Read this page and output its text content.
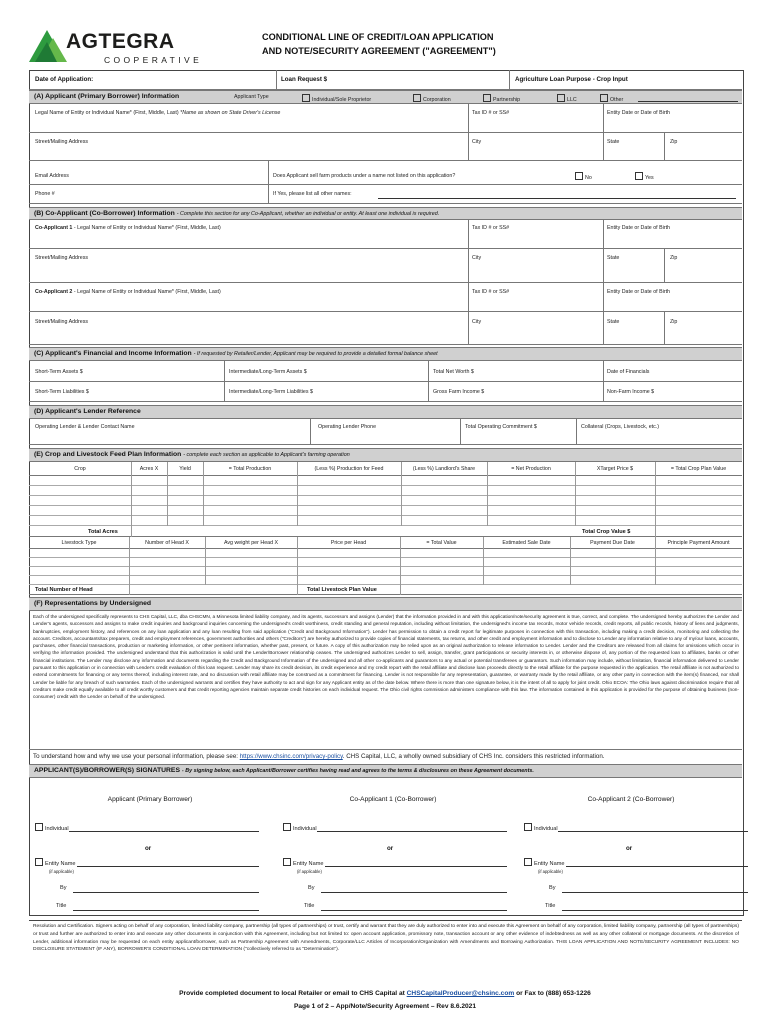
AGTEGRA
COOPERATIVE
CONDITIONAL LINE OF CREDIT/LOAN APPLICATION
AND NOTE/SECURITY AGREEMENT ("AGREEMENT")
Date of Application:	Loan Request $	Agriculture Loan Purpose - Crop Input
(A) Applicant (Primary Borrower) Information	Applicant Type	Individual/Sole Proprietor	Corporation	Partnership	LLC	Other
Legal Name of Entity or Individual Name* (First, Middle, Last) *Name as shown on State Driver's License	Tax ID # or SS#	Entity Date or Date of Birth
Street/Mailing Address	City	State	Zip
Email Address	Does Applicant sell farm products under a name not listed on this application?	No	Yes
Phone #	If Yes, please list all other names:
(B) Co-Applicant (Co-Borrower) Information - Complete this section for any Co-Applicant, whether an individual or entity. At least one individual is required.
Co-Applicant 1 - Legal Name of Entity or Individual Name* (First, Middle, Last)	Tax ID # or SS#	Entity Date or Date of Birth
Street/Mailing Address	City	State	Zip
Co-Applicant 2 - Legal Name of Entity or Individual Name* (First, Middle, Last)	Tax ID # or SS#	Entity Date or Date of Birth
Street/Mailing Address	City	State	Zip
(C) Applicant's Financial and Income Information - If requested by Retailer/Lender, Applicant may be required to provide a detailed formal balance sheet
Short-Term Assets $	Intermediate/Long-Term Assets $	Total Net Worth $	Date of Financials
Short-Term Liabilities $	Intermediate/Long-Term Liabilities $	Gross Farm Income $	Non-Farm Income $
(D) Applicant's Lender Reference
Operating Lender & Lender Contact Name	Operating Lender Phone	Total Operating Commitment $	Collateral (Crops, Livestock, etc.)
(E) Crop and Livestock Feed Plan Information - complete each section as applicable to Applicant's farming operation
Crop	Acres X	Yield	= Total Production	(Less %) Production for Feed	(Less %) Landlord's Share	= Net Production	XTarget Price $	= Total Crop Plan Value
Total Acres	Total Crop Value $
Livestock Type	Number of Head X	Avg weight per Head X	Price per Head	= Total Value	Estimated Sale Date	Payment Due Date	Principle Payment Amount
Total Number of Head	Total Livestock Plan Value
(F) Representations by Undersigned
Each of the undersigned specifically represents to CHS Capital, LLC, dba CHSCMN, a Minnesota limited liability company, and its agents, successors and assigns (Lender) that the information provided in and with this application/note/security agreement is true, correct, and complete. The undersigned hereby authorizes the Lender and Lender's agents, successors and assigns to make credit inquiries and background inquiries concerning the undersigned's credit worthiness, credit standing and general reputation, including without limitation, the undersigned's income tax records, motor vehicle records, credit reports, all public records, history of liens and judgments, bankruptcies, employment history, and references on any loan application and any loan resulting from said application ("Credit and Background Information"). Lender has permission to obtain a credit report for legitimate purposes in connection with this transaction, including making a credit decision, monitoring and collecting the account. Creditors, accountants/tax preparers, credit and employment references, government authorities and others ("Creditors") are hereby authorized to provide copies of financial statements, tax returns, and other credit and employment information and to disclose to Lender any information relative to any of my/our loans, accounts, purchases, other financial transactions, production or marketing information, or other pertinent information, whether past, present, or future. A copy of this authorization may be relied upon as an original authorization to release information to Lender. Lender and the Creditors are released from all claims for omissions which occur in verifying the information provided. The undersigned understand that this authorization is valid until the Lender/Borrower relationship ceases. The undersigned authorizes Lender to sell, assign, transfer, grant participations or security interests in, or otherwise dispose of, any portion of the requested loan to affiliates, banks or other financial institutions. The Lender may disclose any information and documents regarding the Credit and Background Information of the undersigned and all other co-applicants and guarantors to any actual or potential transferees or guarantors. Such information may include, without limitation, financial information delivered to Lender pursuant to this application or in connection with Lender's credit evaluation of this loan request. Lender may share its credit decision, its credit experience and my credit report with the retail affiliate and disclose loan proceeds directly to the retail affiliate for the purpose requested in the application. The retail affiliate is not authorized to extend commitments for financing or any terms thereof, including interest rate, and no discussion with retail affiliate may be construed as a commitment for financing. Lender is not responsible for any representation, guarantee, or warranty made by the retail affiliate, or any other party in connection with the item(s) financed, nor shall Lender be liable for any breach of such warranties. Each of the undersigned warrants and certifies they have authority to act and sign for any Applicant entity as of the date below. Where there is more than one signature below, it is the intent of all to apply for joint credit. Ohio ECOA: The Ohio laws against discrimination require that all creditors make credit equally available to all credit worthy customers and that credit reporting agencies maintain separate credit histories on each individual request. The Ohio civil rights commission administers compliance with this law. The information contained in this application is provided for the purpose of obtaining business (non-consumer) credit with the Lender on behalf of the undersigned.
To understand how and why we use your personal information, please see: https://www.chsinc.com/privacy-policy. CHS Capital, LLC, a wholly owned subsidiary of CHS Inc. considers this restricted information.
APPLICANT(S)/BORROWER(S) SIGNATURES - By signing below, each Applicant/Borrower certifies having read and agrees to the terms & disclosures on these Agreement documents.
Applicant (Primary Borrower)
Individual
or
Entity Name
(if applicable)
By
Title
Co-Applicant 1 (Co-Borrower)
Individual
or
Entity Name
(if applicable)
By
Title
Co-Applicant 2 (Co-Borrower)
Individual
or
Entity Name
(if applicable)
By
Title
Resolution and Certification. Signers acting on behalf of any corporation, limited liability company, partnership (all types of partnerships) or trust, certify and warrant that they are duly authorized to enter into and execute this Agreement on behalf of any corporation, limited liability company, partnership (all types of partnerships) or trust and further are authorized to enter into and execute any other documents in conjunction with this Agreement, including but not limited to: open account application, promissory note, transaction account or any other evidence of indebtedness as well as any other collateral or mortgage documents. At the discretion of Lender, additional information may be requested on each entity applicant/borrower, such as Partnership Agreement with Amendments, Corporate/LLC Articles of Incorporation/Organization with Amendments and Borrowing Authorization. THIS LOAN APPLICATION AND NOTE/SECURITY AGREEMENT INCLUDES: NO DISCLOSURE STATEMENT (IF ANY), BORROWER'S CONDITIONAL LOAN DETERMINATION ("collectively referred to as "Determination").
Provide completed document to local Retailer or email to CHS Capital at CHSCapitalProducer@chsinc.com or Fax to (888) 653-1226
Page 1 of 2 – App/Note/Security Agreement – Rev 8.6.2021
